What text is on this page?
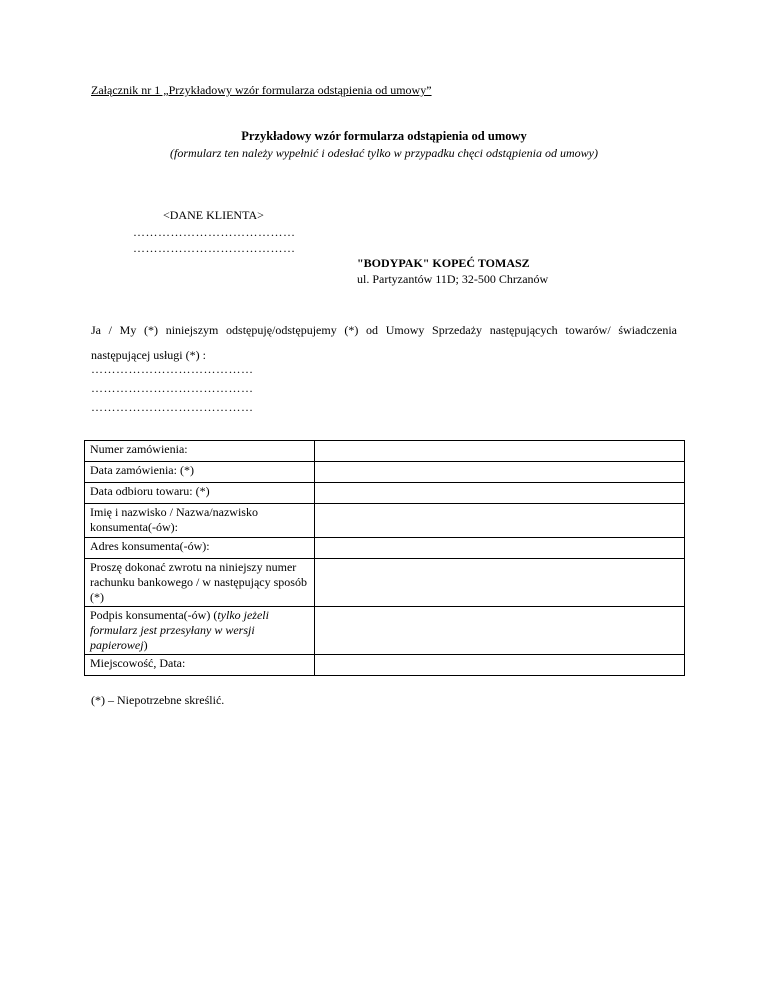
Załącznik nr 1 „Przykładowy wzór formularza odstąpienia od umowy”
Przykładowy wzór formularza odstąpienia od umowy
(formularz ten należy wypełnić i odesłać tylko w przypadku chęci odstąpienia od umowy)
<DANE KLIENTA>
…………………………………
…………………………………
"BODYPAK" KOPEĆ TOMASZ
ul. Partyzantów 11D; 32-500 Chrzanów
Ja / My (*) niniejszym odstępuję/odstępujemy (*) od Umowy Sprzedaży następujących towarów/ świadczenia następującej usługi (*) :
…………………………………
…………………………………
…………………………………
Numer zamówienia:	
Data zamówienia: (*)	
Data odbioru towaru: (*)	
Imię i nazwisko / Nazwa/nazwisko konsumenta(-ów):	
Adres konsumenta(-ów):	
Proszę dokonać zwrotu na niniejszy numer rachunku bankowego / w następujący sposób (*)	
Podpis konsumenta(-ów) (tylko jeżeli formularz jest przesyłany w wersji papierowej)	
Miejscowość, Data:	
(*) – Niepotrzebne skreślić.
